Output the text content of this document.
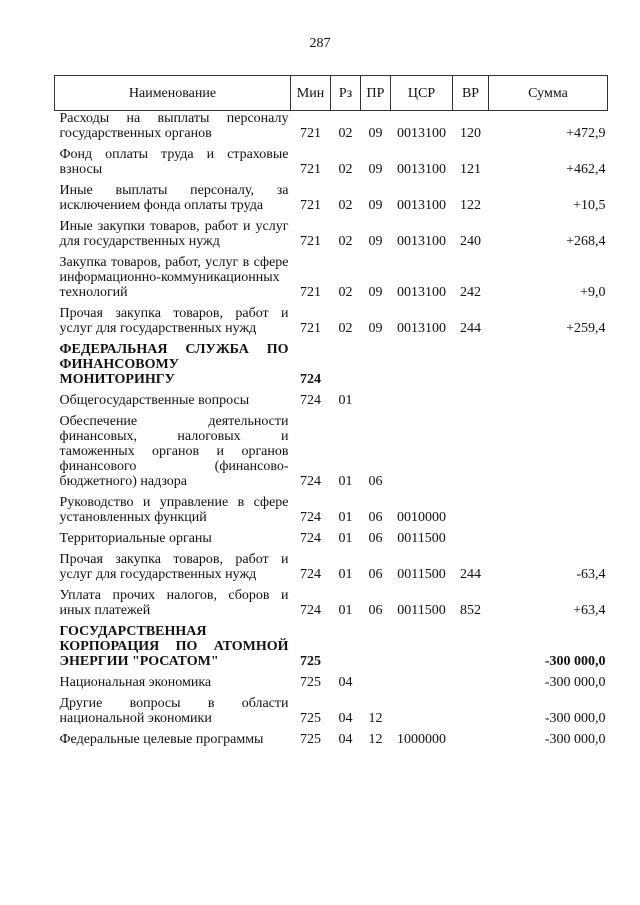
287
Наименование	Мин	Рз	ПР	ЦСР	ВР	Сумма
Расходы на выплаты персоналу государственных органов	721	02	09	0013100	120	+472,9

Фонд оплаты труда и страховые взносы	721	02	09	0013100	121	+462,4

Иные выплаты персоналу, за исключением фонда оплаты труда	721	02	09	0013100	122	+10,5

Иные закупки товаров, работ и услуг для государственных нужд	721	02	09	0013100	240	+268,4

Закупка товаров, работ, услуг в сфере информационно-коммуникационных технологий	721	02	09	0013100	242	+9,0

Прочая закупка товаров, работ и услуг для государственных нужд	721	02	09	0013100	244	+259,4

ФЕДЕРАЛЬНАЯ СЛУЖБА ПО ФИНАНСОВОМУ МОНИТОРИНГУ	724					

Общегосударственные вопросы	724	01				

Обеспечение деятельности финансовых, налоговых и таможенных органов и органов финансового (финансово-бюджетного) надзора	724	01	06			

Руководство и управление в сфере установленных функций	724	01	06	0010000		

Территориальные органы	724	01	06	0011500		

Прочая закупка товаров, работ и услуг для государственных нужд	724	01	06	0011500	244	-63,4

Уплата прочих налогов, сборов и иных платежей	724	01	06	0011500	852	+63,4

ГОСУДАРСТВЕННАЯ КОРПОРАЦИЯ ПО АТОМНОЙ ЭНЕРГИИ "РОСАТОМ"	725					-300 000,0

Национальная экономика	725	04				-300 000,0

Другие вопросы в области национальной экономики	725	04	12			-300 000,0

Федеральные целевые программы	725	04	12	1000000		-300 000,0
